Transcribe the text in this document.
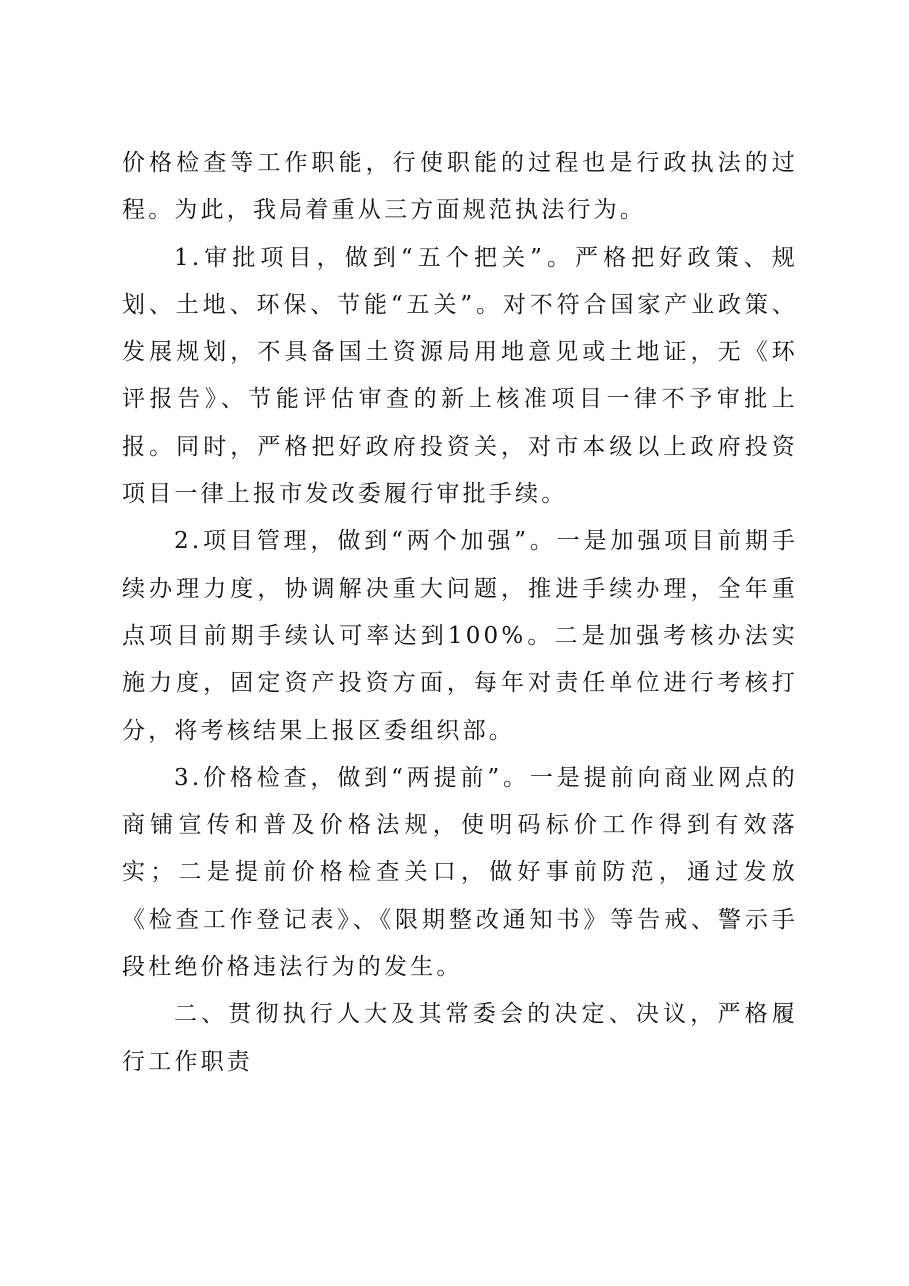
价格检查等工作职能，行使职能的过程也是行政执法的过程。为此，我局着重从三方面规范执法行为。

1.审批项目，做到“五个把关”。严格把好政策、规划、土地、环保、节能“五关”。对不符合国家产业政策、发展规划，不具备国土资源局用地意见或土地证，无《环评报告》、节能评估审查的新上核准项目一律不予审批上报。同时，严格把好政府投资关，对市本级以上政府投资项目一律上报市发改委履行审批手续。

2.项目管理，做到“两个加强”。一是加强项目前期手续办理力度，协调解决重大问题，推进手续办理，全年重点项目前期手续认可率达到100%。二是加强考核办法实施力度，固定资产投资方面，每年对责任单位进行考核打分，将考核结果上报区委组织部。

3.价格检查，做到“两提前”。一是提前向商业网点的商铺宣传和普及价格法规，使明码标价工作得到有效落实；二是提前价格检查关口，做好事前防范，通过发放《检查工作登记表》、《限期整改通知书》等告戒、警示手段杜绝价格违法行为的发生。

二、贯彻执行人大及其常委会的决定、决议，严格履行工作职责
